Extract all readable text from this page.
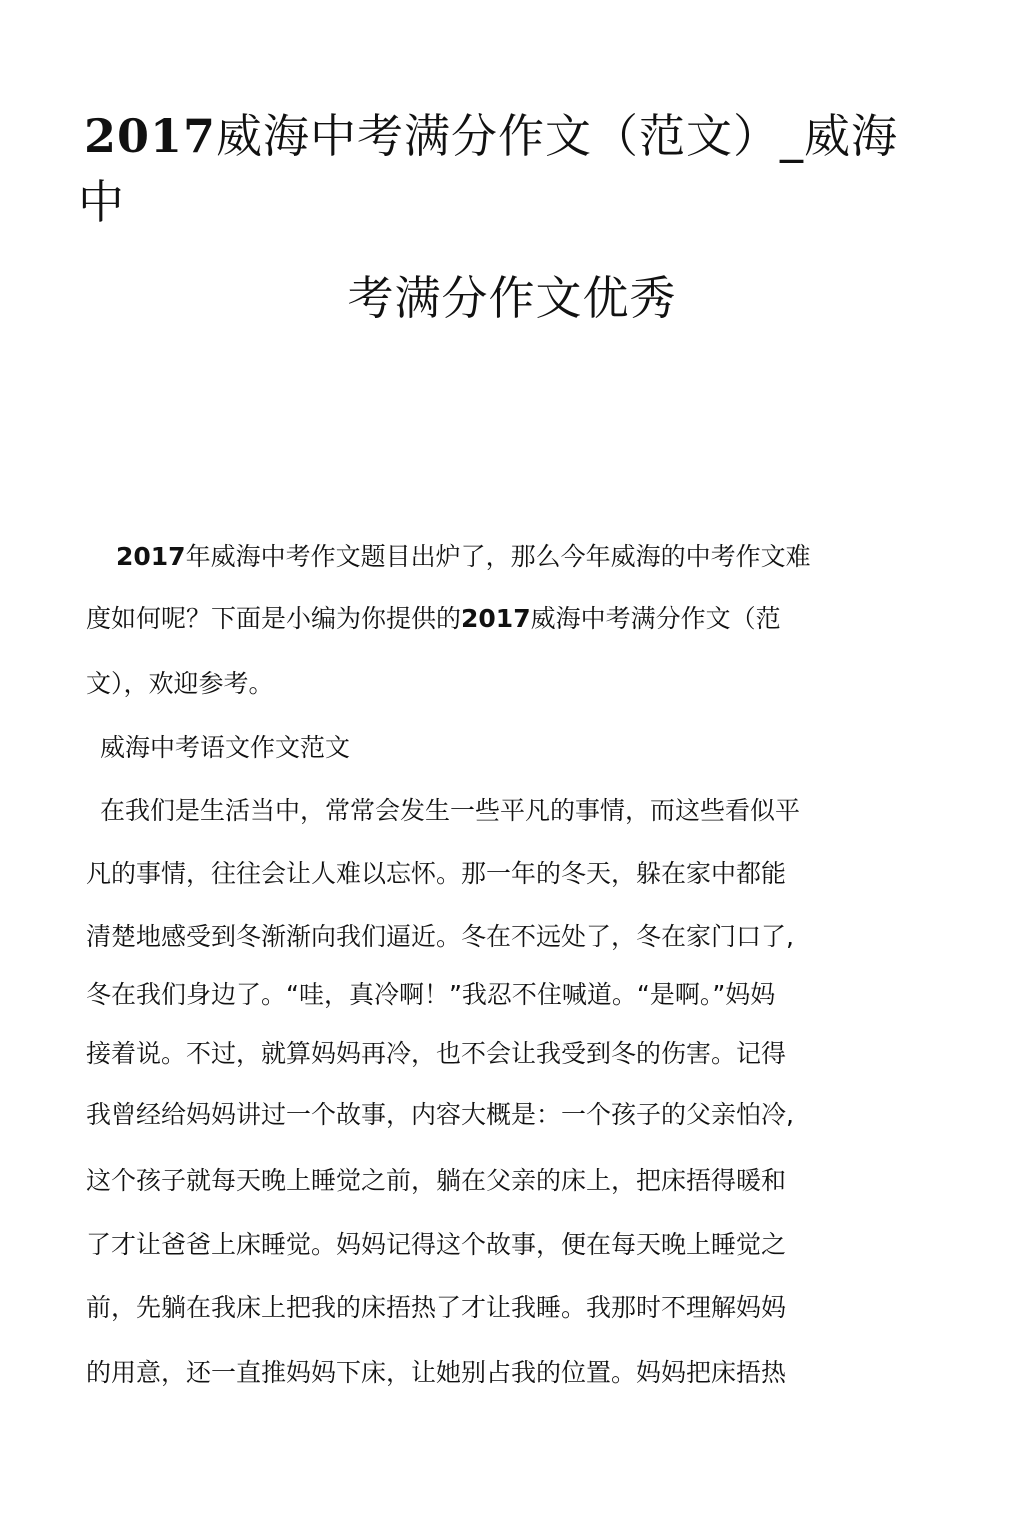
2017威海中考满分作文（范文）_威海
中
考满分作文优秀
2017年威海中考作文题目出炉了，那么今年威海的中考作文难
度如何呢？下面是小编为你提供的2017威海中考满分作文（范
文），欢迎参考。
威海中考语文作文范文
在我们是生活当中，常常会发生一些平凡的事情，而这些看似平
凡的事情，往往会让人难以忘怀。那一年的冬天，躲在家中都能
清楚地感受到冬渐渐向我们逼近。冬在不远处了，冬在家门口了,
冬在我们身边了。“哇，真冷啊！”我忍不住喊道。“是啊。”妈妈
接着说。不过，就算妈妈再冷，也不会让我受到冬的伤害。记得
我曾经给妈妈讲过一个故事，内容大概是：一个孩子的父亲怕冷,
这个孩子就每天晚上睡觉之前，躺在父亲的床上，把床捂得暖和
了才让爸爸上床睡觉。妈妈记得这个故事，便在每天晚上睡觉之
前，先躺在我床上把我的床捂热了才让我睡。我那时不理解妈妈
的用意，还一直推妈妈下床，让她别占我的位置。妈妈把床捂热
